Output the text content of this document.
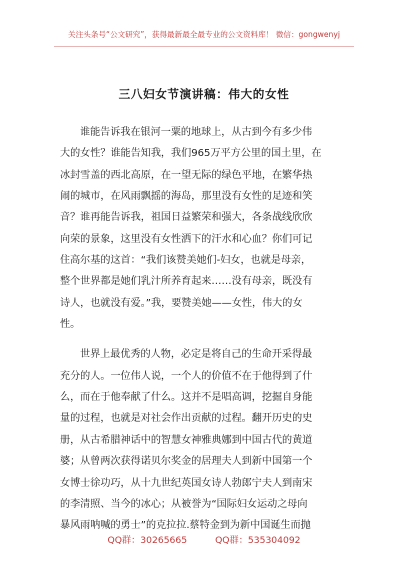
关注头条号“公文研究”，获得最新最全最专业的公文资料库！ 微信：gongwenyj
三八妇女节演讲稿：伟大的女性
谁能告诉我在银河一粟的地球上，从古到今有多少伟
大的女性？谁能告知我，我们965万平方公里的国土里，在
冰封雪盖的西北高原，在一望无际的绿色平地，在繁华热
闹的城市，在风雨飘摇的海岛，那里没有女性的足迹和笑
音？谁再能告诉我，祖国日益繁荣和强大，各条战线欣欣
向荣的景象，这里没有女性洒下的汗水和心血？你们可记
住高尔基的这首：“我们该赞美她们-妇女，也就是母亲，
整个世界都是她们乳汁所养育起来……没有母亲，既没有
诗人，也就没有爱。”我，要赞美她——女性，伟大的女
性。
世界上最优秀的人物，必定是将自己的生命开采得最
充分的人。一位伟人说，一个人的价值不在于他得到了什
么，而在于他奉献了什么。这并不是唱高调，挖掘自身能
量的过程，也就是对社会作出贡献的过程。翻开历史的史
册，从古希腊神话中的智慧女神雅典娜到中国古代的黄道
婆；从曾两次获得诺贝尔奖金的居理夫人到新中国第一个
女博士徐功巧，从十九世纪英国女诗人勃郎宁夫人到南宋
的李清照、当今的冰心；从被誉为“国际妇女运动之母向
暴风雨呐喊的勇士”的克拉拉.蔡特金到为新中国诞生而抛
QQ群：30265665	QQ群：535304092
